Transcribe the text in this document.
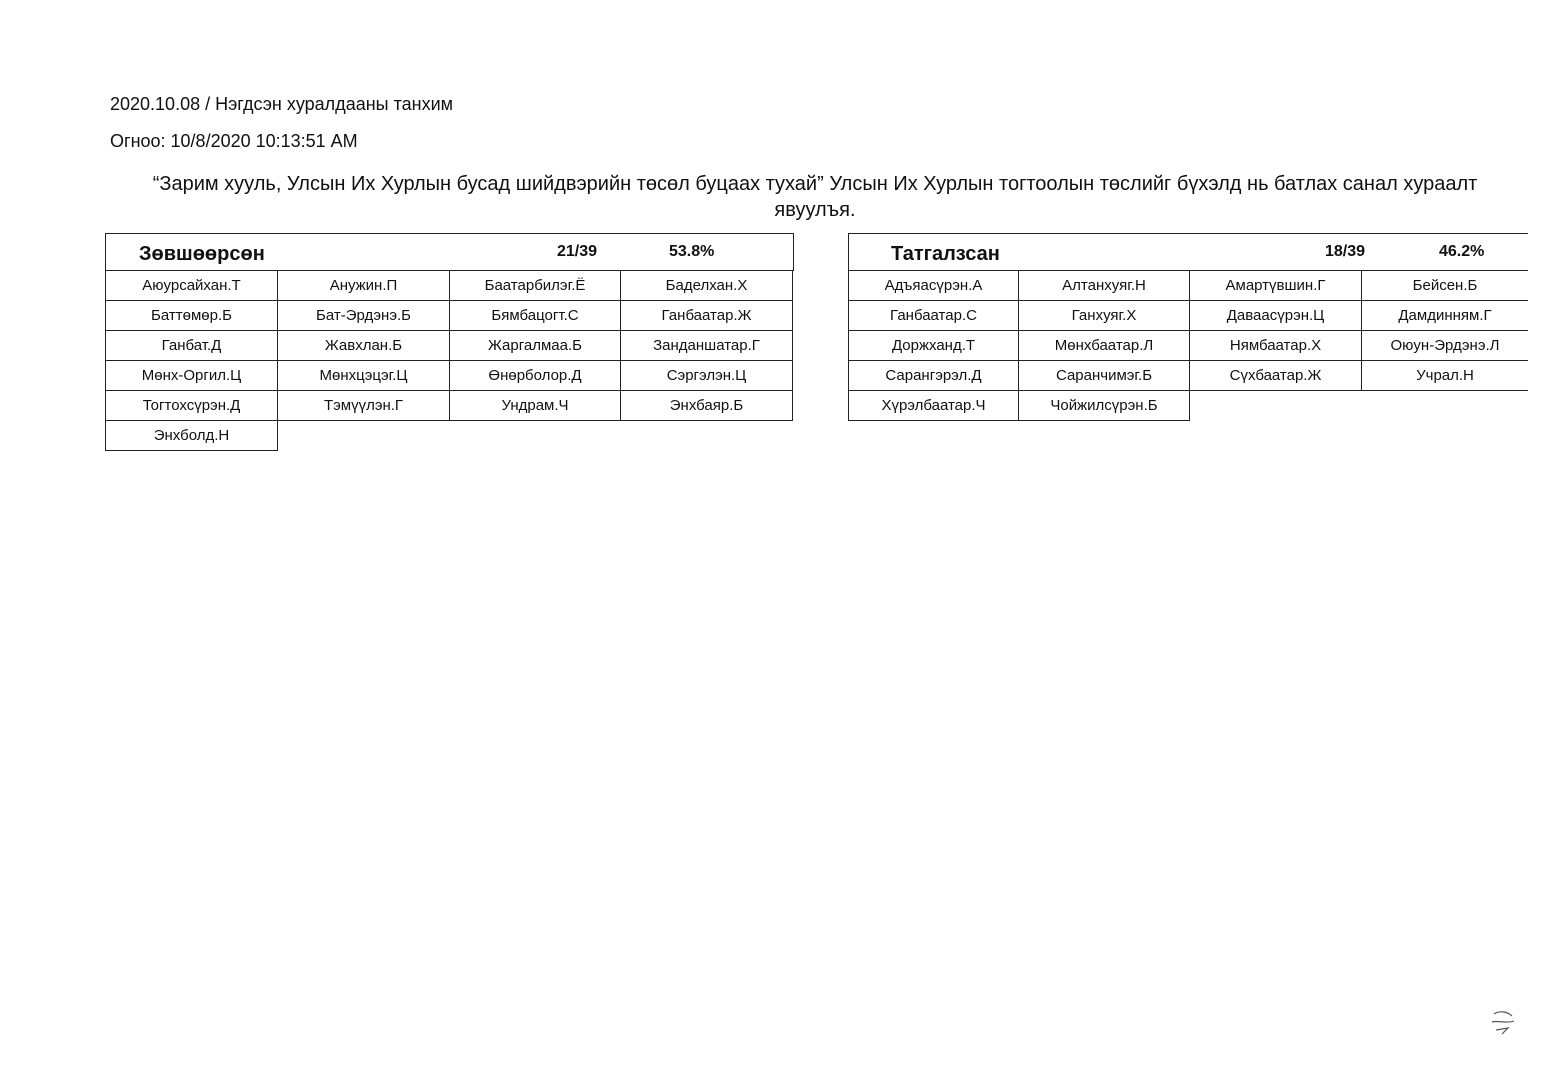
2020.10.08 / Нэгдсэн хуралдааны танхим
Огноо: 10/8/2020 10:13:51 AM
“Зарим хууль, Улсын Их Хурлын бусад шийдвэрийн төсөл буцаах тухай” Улсын Их Хурлын тогтоолын төслийг бүхэлд нь батлах санал хураалт явуулъя.
Зөвшөөрсөн	21/39	53.8%
Аюурсайхан.Т	Анужин.П	Баатарбилэг.Ё	Баделхан.Х
Баттөмөр.Б	Бат-Эрдэнэ.Б	Бямбацогт.С	Ганбаатар.Ж
Ганбат.Д	Жавхлан.Б	Жаргалмаа.Б	Занданшатар.Г
Мөнх-Оргил.Ц	Мөнхцэцэг.Ц	Өнөрболор.Д	Сэргэлэн.Ц
Тогтохсүрэн.Д	Тэмүүлэн.Г	Ундрам.Ч	Энхбаяр.Б
Энхболд.Н
Татгалзсан	18/39	46.2%
Адъяасүрэн.А	Алтанхуяг.Н	Амартүвшин.Г	Бейсен.Б
Ганбаатар.С	Ганхуяг.Х	Даваасүрэн.Ц	Дамдинням.Г
Доржханд.Т	Мөнхбаатар.Л	Нямбаатар.Х	Оюун-Эрдэнэ.Л
Сарангэрэл.Д	Саранчимэг.Б	Сүхбаатар.Ж	Учрал.Н
Хүрэлбаатар.Ч	Чойжилсүрэн.Б
